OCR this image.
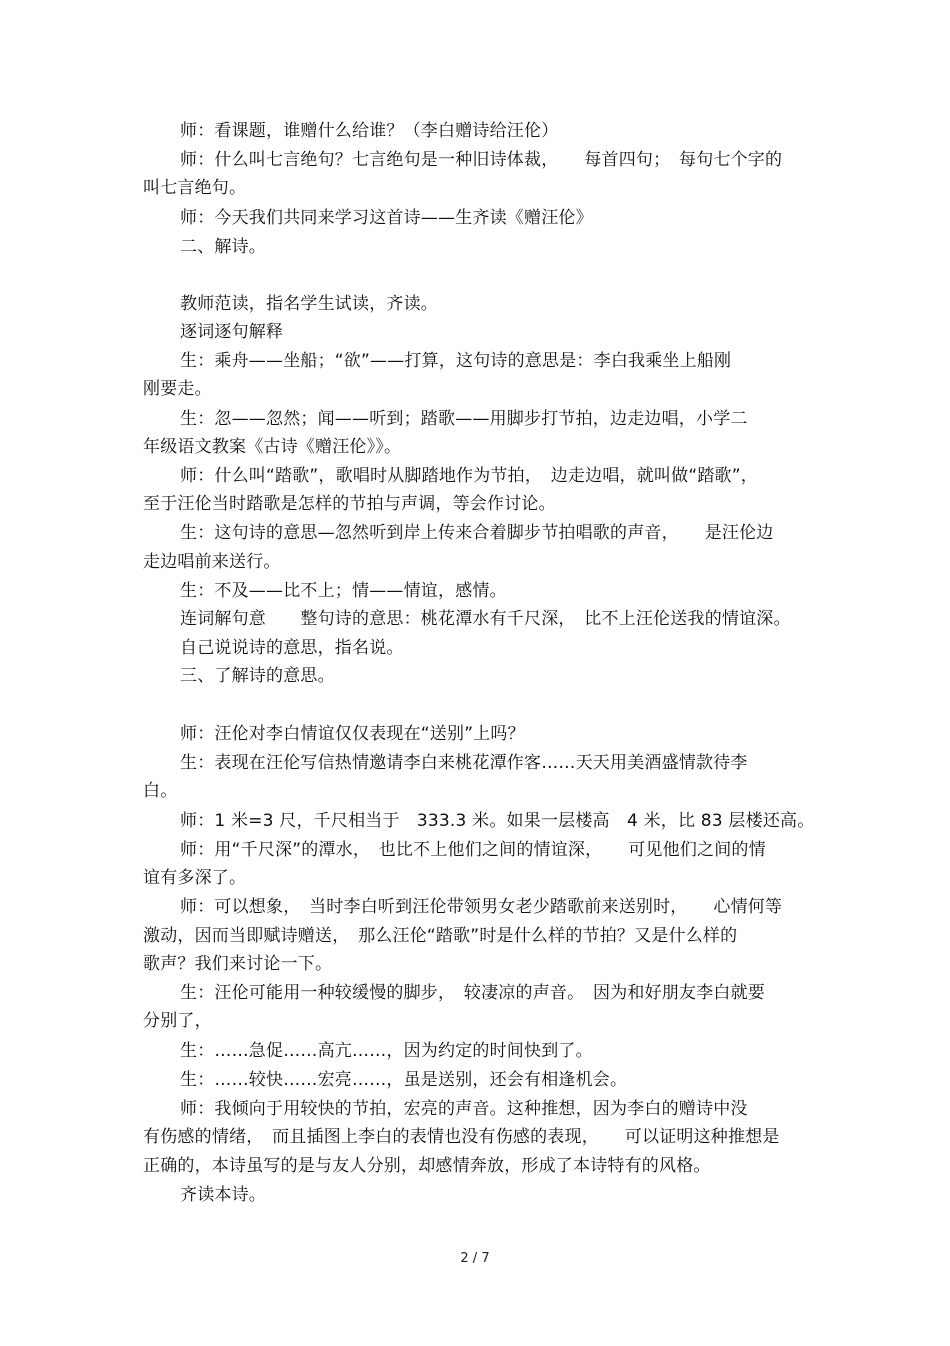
师：看课题，谁赠什么给谁？（李白赠诗给汪伦）
师：什么叫七言绝句？七言绝句是一种旧诗体裁，　　每首四句；　每句七个字的
叫七言绝句。
师：今天我们共同来学习这首诗——生齐读《赠汪伦》
二、解诗。
教师范读，指名学生试读，齐读。
逐词逐句解释
生：乘舟——坐船；“欲”——打算，这句诗的意思是：李白我乘坐上船刚
刚要走。
生：忽——忽然；闻——听到；踏歌——用脚步打节拍，边走边唱，小学二
年级语文教案《古诗《赠汪伦》》。
师：什么叫“踏歌”，歌唱时从脚踏地作为节拍，　边走边唱，就叫做“踏歌”，
至于汪伦当时踏歌是怎样的节拍与声调，等会作讨论。
生：这句诗的意思—忽然听到岸上传来合着脚步节拍唱歌的声音，　　是汪伦边
走边唱前来送行。
生：不及——比不上；情——情谊，感情。
连词解句意　　整句诗的意思：桃花潭水有千尺深，　比不上汪伦送我的情谊深。
自己说说诗的意思，指名说。
三、了解诗的意思。
师：汪伦对李白情谊仅仅表现在“送别”上吗？
生：表现在汪伦写信热情邀请李白来桃花潭作客……天天用美酒盛情款待李
白。
师：1 米=3 尺，千尺相当于　333.3 米。如果一层楼高　4 米，比 83 层楼还高。
师：用“千尺深”的潭水，　也比不上他们之间的情谊深，　　可见他们之间的情
谊有多深了。
师：可以想象，　当时李白听到汪伦带领男女老少踏歌前来送别时，　　心情何等
激动，因而当即赋诗赠送，　那么汪伦“踏歌”时是什么样的节拍？又是什么样的
歌声？我们来讨论一下。
生：汪伦可能用一种较缓慢的脚步，　较凄凉的声音。　因为和好朋友李白就要
分别了，
生：……急促……高亢……，因为约定的时间快到了。
生：……较快……宏亮……，虽是送别，还会有相逢机会。
师：我倾向于用较快的节拍，宏亮的声音。这种推想，因为李白的赠诗中没
有伤感的情绪，　而且插图上李白的表情也没有伤感的表现，　　可以证明这种推想是
正确的，本诗虽写的是与友人分别，却感情奔放，形成了本诗特有的风格。
齐读本诗。
2 / 7
